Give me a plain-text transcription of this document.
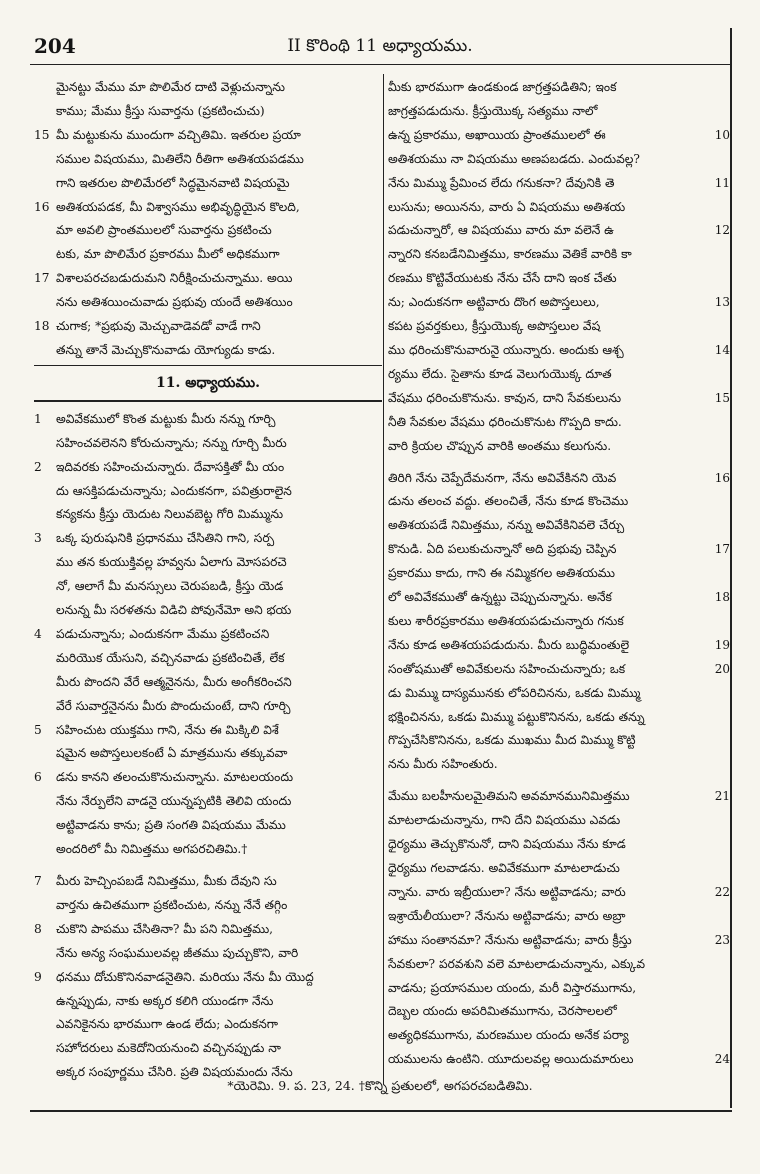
204	II కొరింథి 11 అధ్యాయము.
మైనట్టు మేము మా పొలిమేర దాటి వెళ్లుచున్నాను
కాము; మేము క్రీస్తు సువార్తను (ప్రకటించుచు)
15 మీ మట్టుకును ముందుగా వచ్చితిమి. ఇతరుల ప్రయా
సముల విషయము, మితిలేని రీతిగా అతిశయపడము
గాని ఇతరుల పొలిమేరలో సిద్ధమైనవాటి విషయమై
16 అతిశయపడక, మీ విశ్వాసము అభివృద్ధియైన కొలది,
మా అవలి ప్రాంతములలో సువార్తను ప్రకటించు
టకు, మా పొలిమేర ప్రకారము మీలో అధికముగా
17 విశాలపరచబడుదుమని నిరీక్షించుచున్నాము. అయి
నను అతిశయించువాడు ప్రభువు యందే అతిశయిం
18 చుగాక; *ప్రభువు మెచ్చువాడెవడో వాడే గాని
తన్ను తానే మెచ్చుకొనువాడు యోగ్యుడు కాడు.
11. అధ్యాయము.
1 అవివేకములో కొంత మట్టుకు మీరు నన్ను గూర్చి
సహించవలెనని కోరుచున్నాను; నన్ను గూర్చి మీరు
2 ఇదివరకు సహించుచున్నారు. దేవాసక్తితో మీ యం
దు ఆసక్తిపడుచున్నాను; ఎందుకనగా, పవిత్రురాలైన
కన్యకను క్రీస్తు యెదుట నిలువబెట్ట గోరి మిమ్మును
3 ఒక్క పురుషునికి ప్రధానము చేసితిని గాని, సర్ప
ము తన కుయుక్తివల్ల హవ్వను ఏలాగు మోసపరచె
నో, ఆలాగే మీ మనస్సులు చెరుపబడి, క్రీస్తు యెడ
లనున్న మీ సరళతను విడిచి పోవునేమో అని భయ
4 పడుచున్నాను; ఎందుకనగా మేము ప్రకటించని
మరియొక యేసుని, వచ్చినవాడు ప్రకటించితే, లేక
మీరు పొందని వేరే ఆత్మనైనను, మీరు అంగీకరించని
వేరే సువార్తనైనను మీరు పొందుచుంటే, దాని గూర్చి
5 సహించుట యుక్తము గాని, నేను ఈ మిక్కిలి విశే
షమైన అపొస్తలులకంటే ఏ మాత్రమును తక్కువవా
6 డను కానని తలంచుకొనుచున్నాను. మాటలయందు
నేను నేర్పులేని వాడనై యున్నప్పటికి తెలివి యందు
అట్టివాడను కాను; ప్రతి సంగతి విషయము మేము
అందరిలో మీ నిమిత్తము అగపరచితిమి.†
7 మీరు హెచ్చింపబడే నిమిత్తము, మీకు దేవుని సు
వార్తను ఉచితముగా ప్రకటించుట, నన్ను నేనే తగ్గిం
8 చుకొని పాపము చేసితినా? మీ పని నిమిత్తము,
నేను అన్య సంఘములవల్ల జీతము పుచ్చుకొని, వారి
9 ధనము దోచుకొనినవాడనైతిని. మరియు నేను మీ యొద్ద
ఉన్నప్పుడు, నాకు అక్కర కలిగి యుండగా నేను
ఎవనికైనను భారముగా ఉండ లేదు; ఎందుకనగా
సహోదరులు మకెదోనియనుంచి వచ్చినప్పుడు నా
అక్కర సంపూర్ణము చేసిరి. ప్రతి విషయమందు నేను
మీకు భారముగా ఉండకుండ జాగ్రత్తపడితిని; ఇంక
జాగ్రత్తపడుదును. క్రీస్తుయొక్క సత్యము నాలో
ఉన్న ప్రకారము, అఖాయియ ప్రాంతములలో ఈ	10
అతిశయము నా విషయము అణపబడదు. ఎందువల్ల?
నేను మిమ్ము ప్రేమించ లేదు గనుకనా? దేవునికి తె	11
లుసును; అయినను, వారు ఏ విషయము అతిశయ
పడుచున్నారో, ఆ విషయము వారు మా వలెనే ఉ	12
న్నారని కనబడేనిమిత్తము, కారణము వెతికే వారికి కా
రణము కొట్టివేయుటకు నేను చేసే దాని ఇంక చేతు
ను; ఎందుకనగా అట్టివారు దొంగ అపొస్తలులు,	13
కపట ప్రవర్తకులు, క్రీస్తుయొక్క అపొస్తలుల వేష
ము ధరించుకొనువారునై యున్నారు. అందుకు ఆశ్చ	14
ర్యము లేదు. సైతాను కూడ వెలుగుయొక్క దూత
వేషము ధరించుకొనును. కావున, దాని సేవకులును	15
నీతి సేవకుల వేషము ధరించుకొనుట గొప్పది కాదు.
వారి క్రియల చొప్పున వారికి అంతము కలుగును.
తిరిగి నేను చెప్పేదేమనగా, నేను అవివేకినని యెవ	16
డును తలంచ వద్దు. తలంచితే, నేను కూడ కొంచెము
అతిశయపడే నిమిత్తము, నన్ను అవివేకినివలె చేర్చు
కొనుడి. ఏది పలుకుచున్నానో అది ప్రభువు చెప్పిన	17
ప్రకారము కాదు, గాని ఈ నమ్మికగల అతిశయము
లో అవివేకముతో ఉన్నట్టు చెప్పుచున్నాను. అనేక	18
కులు శారీరప్రకారము అతిశయపడుచున్నారు గనుక
నేను కూడ అతిశయపడుదును. మీరు బుద్ధిమంతులై	19
సంతోషముతో అవివేకులను సహించుచున్నారు; ఒక	20
డు మిమ్ము దాస్యమునకు లోపరిచినను, ఒకడు మిమ్ము
భక్షించినను, ఒకడు మిమ్ము పట్టుకొనినను, ఒకడు తన్ను
గొప్పచేసికొనినను, ఒకడు ముఖము మీద మిమ్ము కొట్టి
నను మీరు సహింతురు.
మేము బలహీనులమైతిమని అవమానమునిమిత్తము	21
మాటలాడుచున్నాను, గాని దేని విషయము ఎవడు
ధైర్యము తెచ్చుకొనునో, దాని విషయము నేను కూడ
ధైర్యము గలవాడను. అవివేకముగా మాటలాడుచు
న్నాను. వారు ఇబ్రీయులా? నేను అట్టివాడను; వారు	22
ఇశ్రాయేలీయులా? నేనును అట్టివాడను; వారు అబ్రా
హాము సంతానమా? నేనును అట్టివాడను; వారు క్రీస్తు	23
సేవకులా? పరవశుని వలె మాటలాడుచున్నాను, ఎక్కువ
వాడను; ప్రయాసముల యందు, మరీ విస్తారముగాను,
దెబ్బల యందు అపరిమితముగాను, చెరసాలలలో
అత్యధికముగాను, మరణముల యందు అనేక పర్యా
యములను ఉంటిని. యూదులవల్ల అయిదుమారులు	24
*యెరెమి. 9. ప. 23, 24. †కొన్ని ప్రతులలో, అగపరచబడితిమి.
